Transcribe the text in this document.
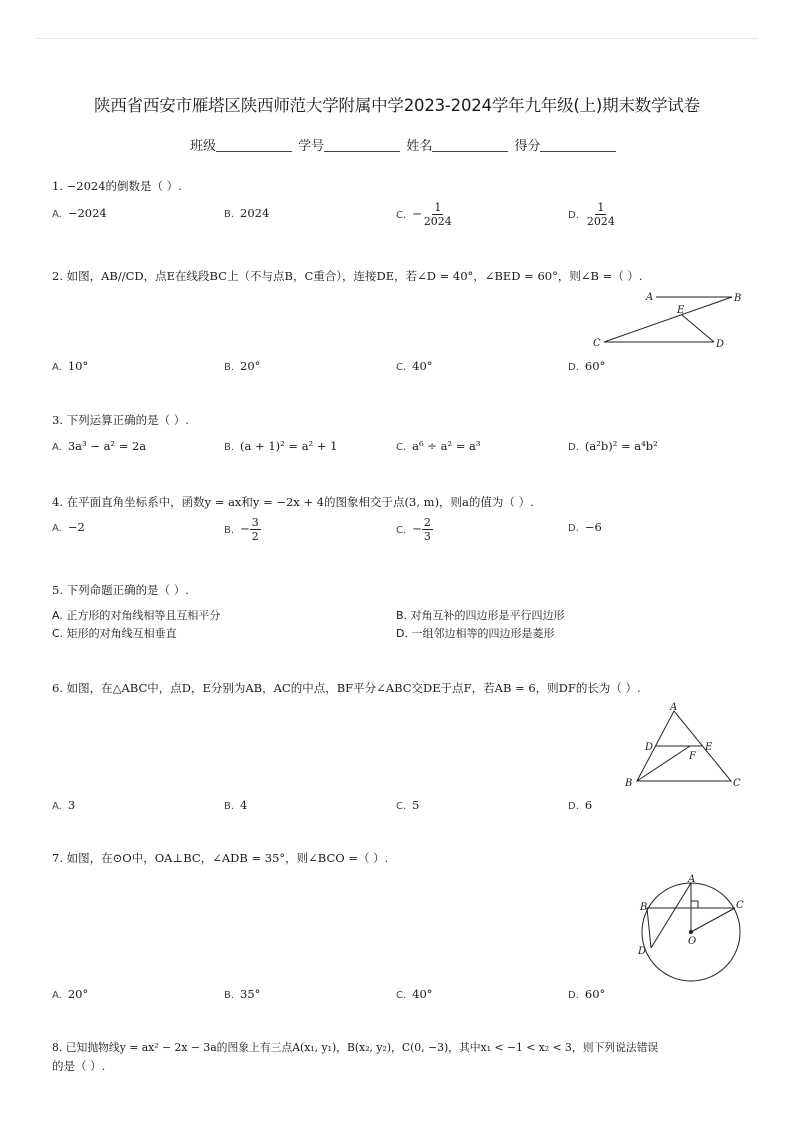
陕西省西安市雁塔区陕西师范大学附属中学2023-2024学年九年级(上)期末数学试卷
班级	学号	姓名	得分
1. −2024的倒数是（ ）.
A. −2024	B. 2024	C. − $\frac{1}{2024}$	D. $\frac{1}{2024}$
2. 如图，AB//CD，点E在线段BC上（不与点B，C重合），连接DE，若∠D = 40°，∠BED = 60°，则∠B =（ ）.
A	B
E
C	D
A. 10°	B. 20°	C. 40°	D. 60°
3. 下列运算正确的是（ ）.
A. 3a³ − a² = 2a	B. (a + 1)² = a² + 1	C. a⁶ ÷ a² = a³	D. (a²b)² = a⁴b²
4. 在平面直角坐标系中，函数y = ax和y = −2x + 4的图象相交于点(3, m)，则a的值为（ ）.
A. −2	B. − $\frac{3}{2}$	C. − $\frac{2}{3}$	D. −6
5. 下列命题正确的是（ ）.
A. 正方形的对角线相等且互相平分	B. 对角互补的四边形是平行四边形
C. 矩形的对角线互相垂直	D. 一组邻边相等的四边形是菱形
6. 如图，在△ABC中，点D，E分别为AB，AC的中点，BF平分∠ABC交DE于点F，若AB = 6，则DF的长为（ ）.
A
D	E
F
B	C
A. 3	B. 4	C. 5	D. 6
7. 如图，在⊙O中，OA⊥BC，∠ADB = 35°，则∠BCO =（ ）.
A
B	C
D
O
A. 20°	B. 35°	C. 40°	D. 60°
8. 已知抛物线y = ax² − 2x − 3a的图象上有三点A(x₁, y₁)，B(x₂, y₂)，C(0, −3)，其中x₁ < −1 < x₂ < 3，则下列说法错误
的是（ ）.
